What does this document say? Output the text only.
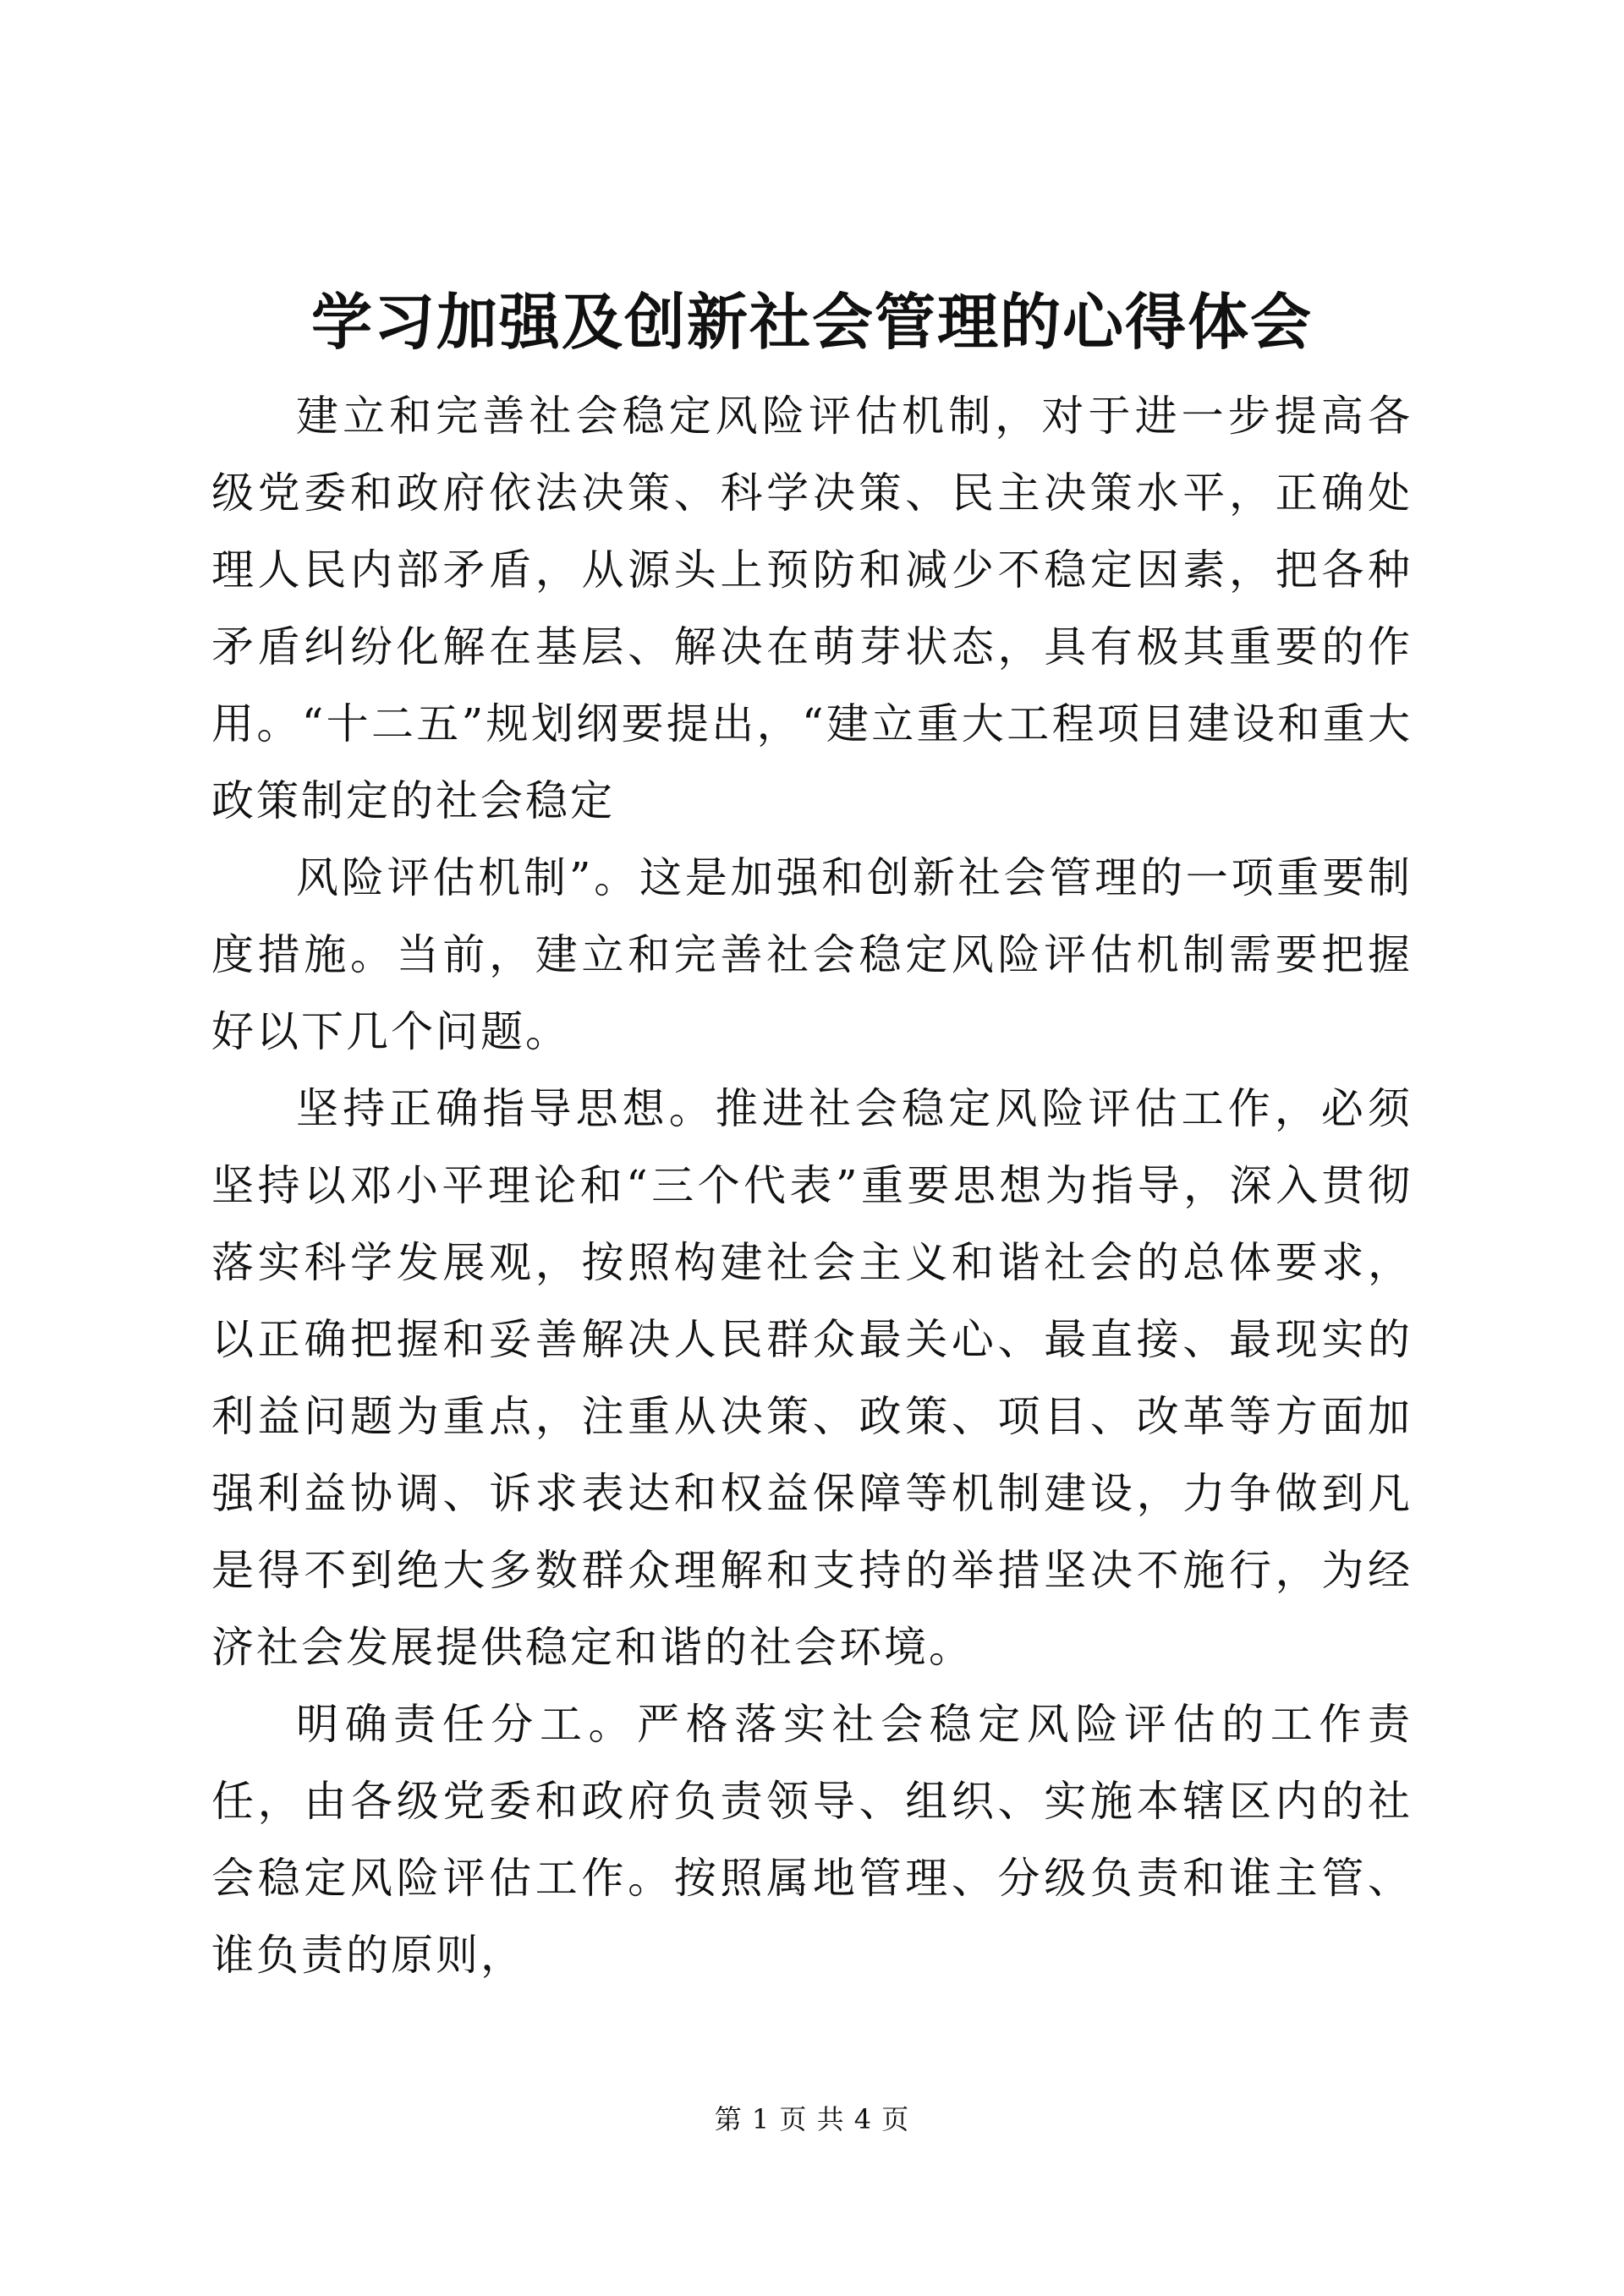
学习加强及创新社会管理的心得体会

建立和完善社会稳定风险评估机制，对于进一步提高各级党委和政府依法决策、科学决策、民主决策水平，正确处理人民内部矛盾，从源头上预防和减少不稳定因素，把各种矛盾纠纷化解在基层、解决在萌芽状态，具有极其重要的作用。“十二五”规划纲要提出，“建立重大工程项目建设和重大政策制定的社会稳定

风险评估机制”。这是加强和创新社会管理的一项重要制度措施。当前，建立和完善社会稳定风险评估机制需要把握好以下几个问题。

坚持正确指导思想。推进社会稳定风险评估工作，必须坚持以邓小平理论和“三个代表”重要思想为指导，深入贯彻落实科学发展观，按照构建社会主义和谐社会的总体要求，以正确把握和妥善解决人民群众最关心、最直接、最现实的利益问题为重点，注重从决策、政策、项目、改革等方面加强利益协调、诉求表达和权益保障等机制建设，力争做到凡是得不到绝大多数群众理解和支持的举措坚决不施行，为经济社会发展提供稳定和谐的社会环境。

明确责任分工。严格落实社会稳定风险评估的工作责任，由各级党委和政府负责领导、组织、实施本辖区内的社会稳定风险评估工作。按照属地管理、分级负责和谁主管、谁负责的原则，

第 1 页 共 4 页
